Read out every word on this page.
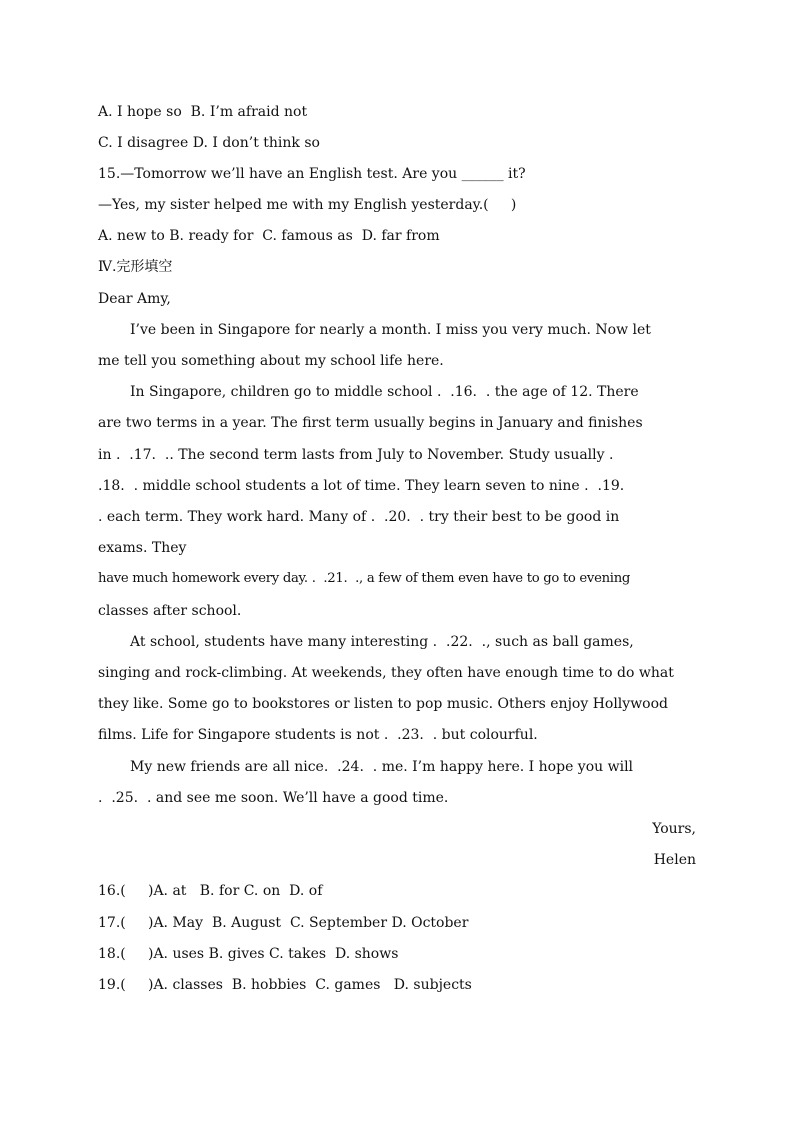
A. I hope so  B. I’m afraid not
C. I disagree D. I don’t think so
15.—Tomorrow we’ll have an English test. Are you ______ it?
—Yes, my sister helped me with my English yesterday.(     )
A. new to B. ready for  C. famous as  D. far from
Ⅳ.完形填空
Dear Amy,
I’ve been in Singapore for nearly a month. I miss you very much. Now let
me tell you something about my school life here.
In Singapore, children go to middle school .  .16.  . the age of 12. There
are two terms in a year. The first term usually begins in January and finishes
in .  .17.  .. The second term lasts from July to November. Study usually .
.18.  . middle school students a lot of time. They learn seven to nine .  .19.
. each term. They work hard. Many of .  .20.  . try their best to be good in
exams. They
have much homework every day. .  .21.  ., a few of them even have to go to evening
classes after school.
At school, students have many interesting .  .22.  ., such as ball games,
singing and rock-climbing. At weekends, they often have enough time to do what
they like. Some go to bookstores or listen to pop music. Others enjoy Hollywood
films. Life for Singapore students is not .  .23.  . but colourful.
My new friends are all nice.  .24.  . me. I’m happy here. I hope you will
.  .25.  . and see me soon. We’ll have a good time.
Yours,
Helen
16.(     )A. at   B. for C. on  D. of
17.(     )A. May  B. August  C. September D. October
18.(     )A. uses B. gives C. takes  D. shows
19.(     )A. classes  B. hobbies  C. games   D. subjects
